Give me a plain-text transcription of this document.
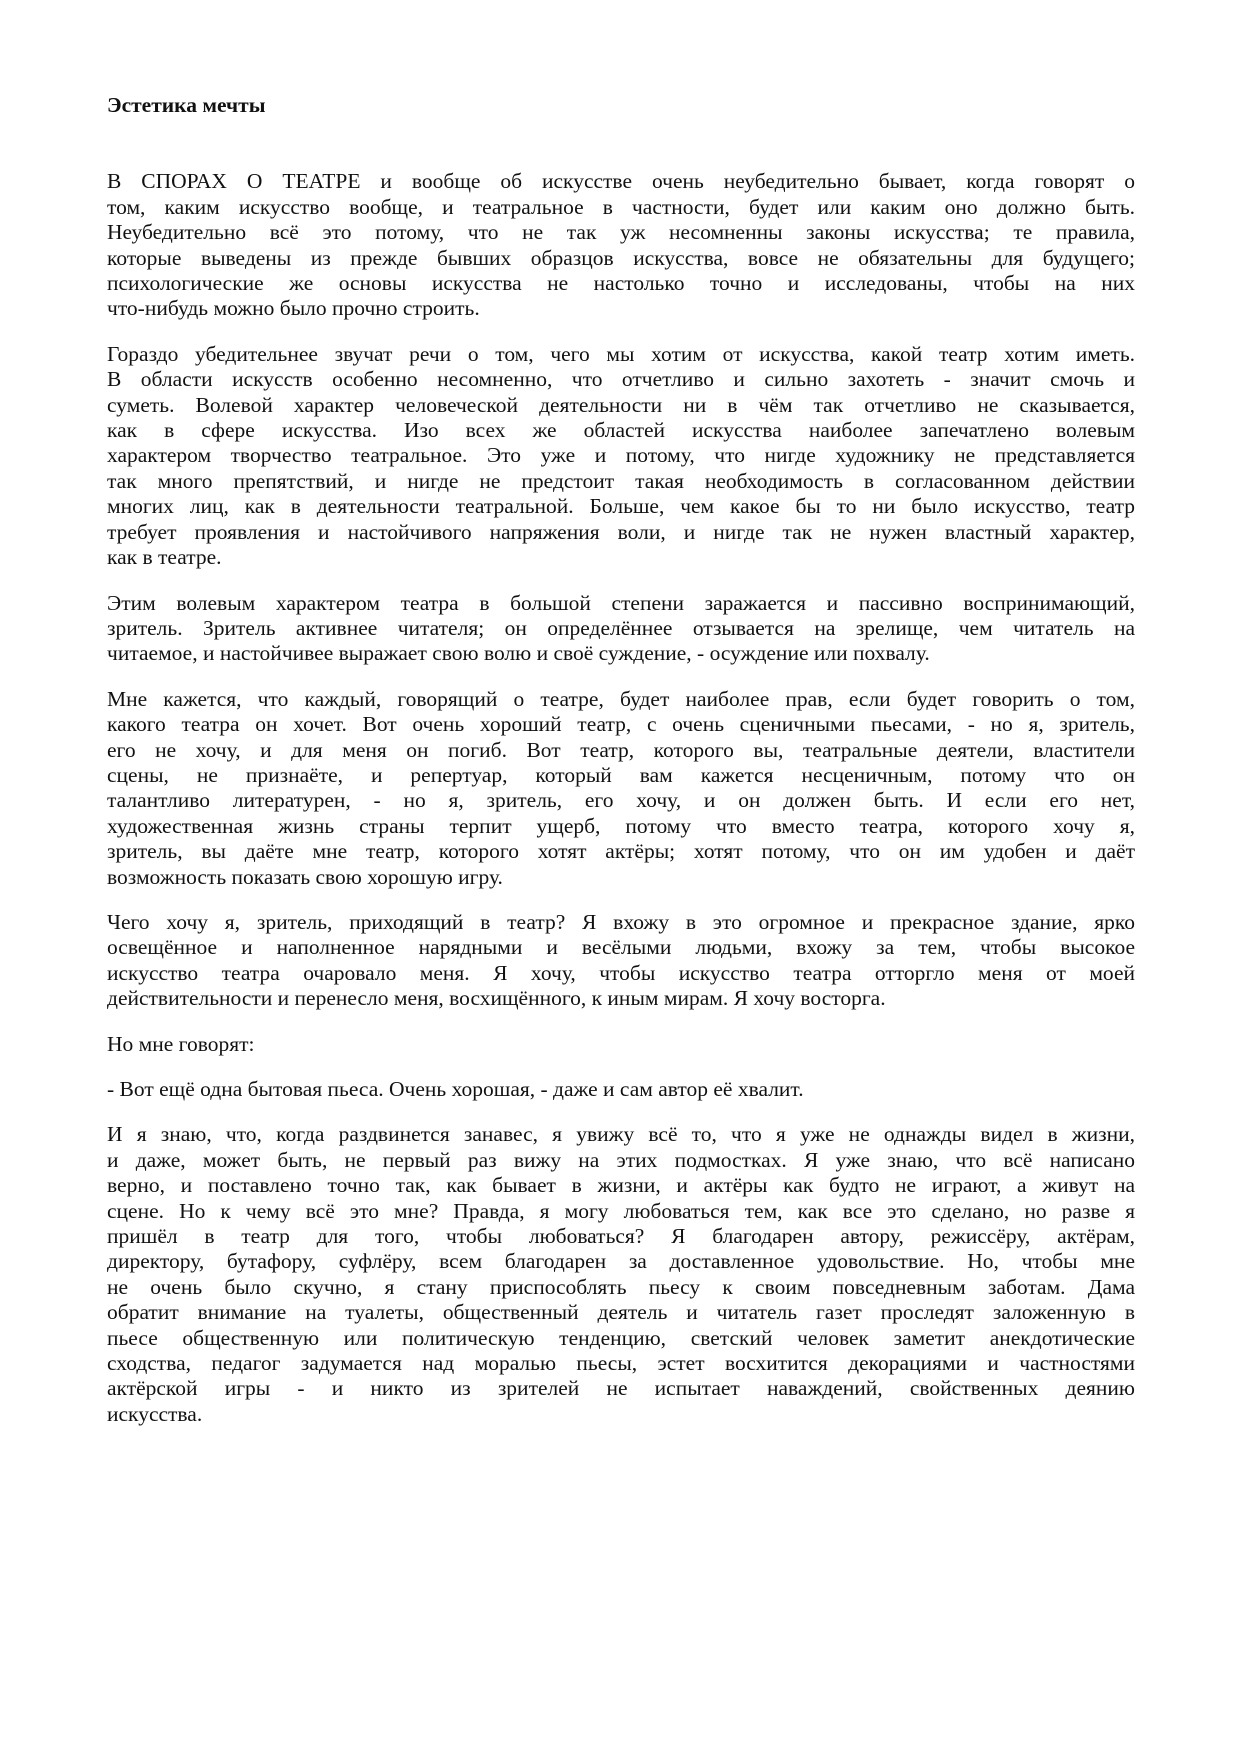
Эстетика мечты
В СПОРАХ О ТЕАТРЕ и вообще об искусстве очень неубедительно бывает, когда говорят о
том, каким искусство вообще, и театральное в частности, будет или каким оно должно быть.
Неубедительно всё это потому, что не так уж несомненны законы искусства; те правила,
которые выведены из прежде бывших образцов искусства, вовсе не обязательны для будущего;
психологические же основы искусства не настолько точно и исследованы, чтобы на них
что-нибудь можно было прочно строить.
Гораздо убедительнее звучат речи о том, чего мы хотим от искусства, какой театр хотим иметь.
В области искусств особенно несомненно, что отчетливо и сильно захотеть - значит смочь и
суметь. Волевой характер человеческой деятельности ни в чём так отчетливо не сказывается,
как в сфере искусства. Изо всех же областей искусства наиболее запечатлено волевым
характером творчество театральное. Это уже и потому, что нигде художнику не представляется
так много препятствий, и нигде не предстоит такая необходимость в согласованном действии
многих лиц, как в деятельности театральной. Больше, чем какое бы то ни было искусство, театр
требует проявления и настойчивого напряжения воли, и нигде так не нужен властный характер,
как в театре.
Этим волевым характером театра в большой степени заражается и пассивно воспринимающий,
зритель. Зритель активнее читателя; он определённее отзывается на зрелище, чем читатель на
читаемое, и настойчивее выражает свою волю и своё суждение, - осуждение или похвалу.
Мне кажется, что каждый, говорящий о театре, будет наиболее прав, если будет говорить о том,
какого театра он хочет. Вот очень хороший театр, с очень сценичными пьесами, - но я, зритель,
его не хочу, и для меня он погиб. Вот театр, которого вы, театральные деятели, властители
сцены, не признаёте, и репертуар, который вам кажется несценичным, потому что он
талантливо литературен, - но я, зритель, его хочу, и он должен быть. И если его нет,
художественная жизнь страны терпит ущерб, потому что вместо театра, которого хочу я,
зритель, вы даёте мне театр, которого хотят актёры; хотят потому, что он им удобен и даёт
возможность показать свою хорошую игру.
Чего хочу я, зритель, приходящий в театр? Я вхожу в это огромное и прекрасное здание, ярко
освещённое и наполненное нарядными и весёлыми людьми, вхожу за тем, чтобы высокое
искусство театра очаровало меня. Я хочу, чтобы искусство театра отторгло меня от моей
действительности и перенесло меня, восхищённого, к иным мирам. Я хочу восторга.
Но мне говорят:
- Вот ещё одна бытовая пьеса. Очень хорошая, - даже и сам автор её хвалит.
И я знаю, что, когда раздвинется занавес, я увижу всё то, что я уже не однажды видел в жизни,
и даже, может быть, не первый раз вижу на этих подмостках. Я уже знаю, что всё написано
верно, и поставлено точно так, как бывает в жизни, и актёры как будто не играют, а живут на
сцене. Но к чему всё это мне? Правда, я могу любоваться тем, как все это сделано, но разве я
пришёл в театр для того, чтобы любоваться? Я благодарен автору, режиссёру, актёрам,
директору, бутафору, суфлёру, всем благодарен за доставленное удовольствие. Но, чтобы мне
не очень было скучно, я стану приспособлять пьесу к своим повседневным заботам. Дама
обратит внимание на туалеты, общественный деятель и читатель газет проследят заложенную в
пьесе общественную или политическую тенденцию, светский человек заметит анекдотические
сходства, педагог задумается над моралью пьесы, эстет восхитится декорациями и частностями
актёрской игры - и никто из зрителей не испытает наваждений, свойственных деянию
искусства.
